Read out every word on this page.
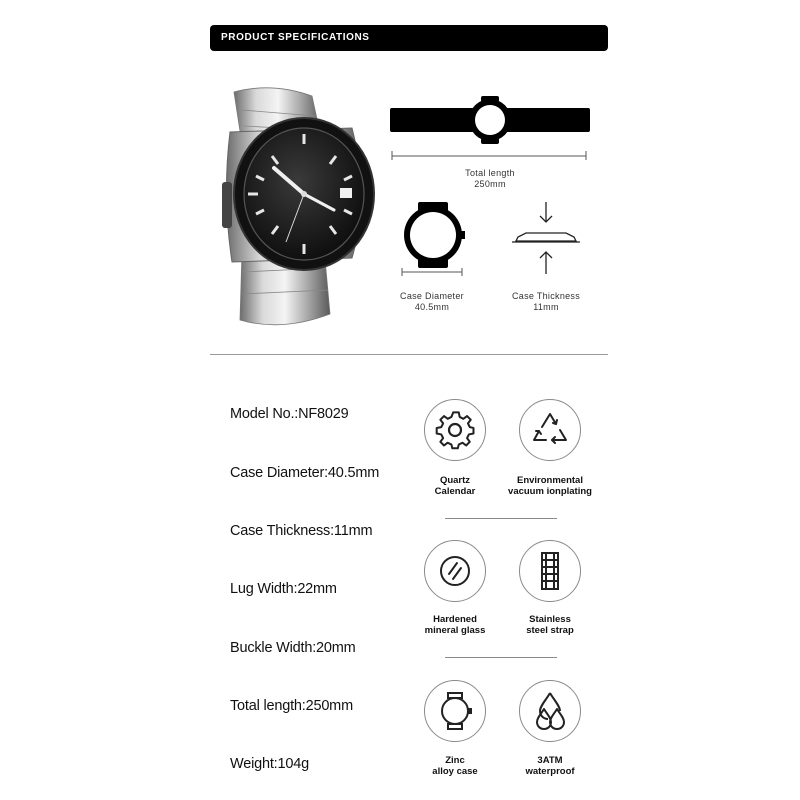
PRODUCT SPECIFICATIONS
Total length
250mm
Case Diameter
40.5mm
Case Thickness
11mm
Model No.:NF8029
Case Diameter:40.5mm
Case Thickness:11mm
Lug Width:22mm
Buckle Width:20mm
Total length:250mm
Weight:104g
Quartz
Calendar
Environmental
vacuum ionplating
Hardened
mineral glass
Stainless
steel strap
Zinc
alloy case
3ATM
waterproof
